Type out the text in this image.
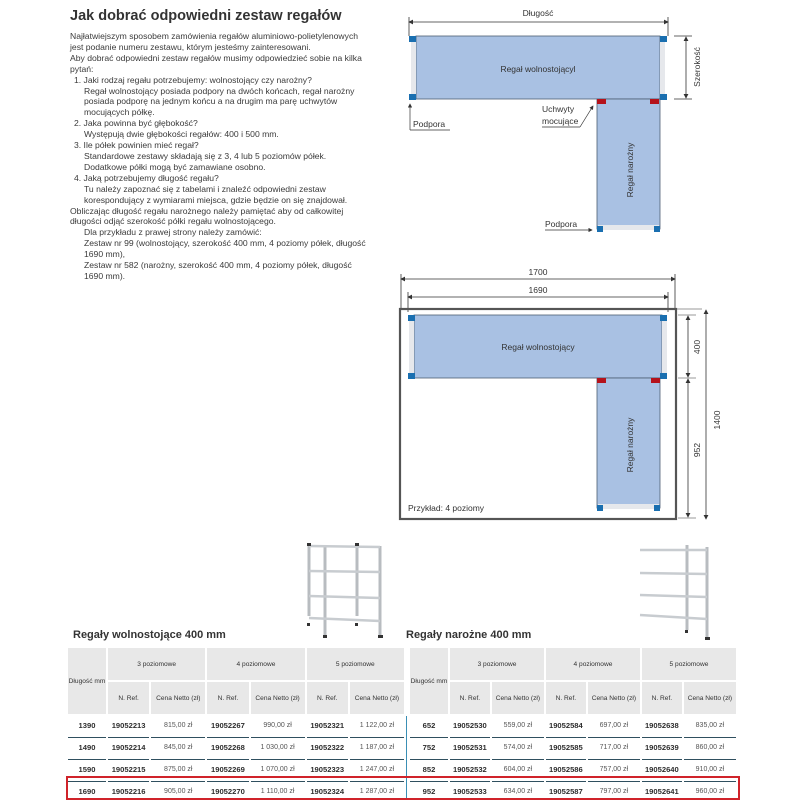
Jak dobrać odpowiedni zestaw regałów

Najłatwiejszym sposobem zamówienia regałów aluminiowo-polietylenowych jest podanie numeru zestawu, którym jesteśmy zainteresowani.

Aby dobrać odpowiedni zestaw regałów musimy odpowiedzieć sobie na kilka pytań:

1. Jaki rodzaj regału potrzebujemy: wolnostojący czy narożny?
Regał wolnostojący posiada podpory na dwóch końcach, regał narożny posiada podporę na jednym końcu a na drugim ma parę uchwytów mocujących półkę.
2. Jaka powinna być głębokość?
Występują dwie głębokości regałów: 400 i 500 mm.
3. Ile półek powinien mieć regał?
Standardowe zestawy składają się z 3, 4 lub 5 poziomów półek. Dodatkowe półki mogą być zamawiane osobno.
4. Jaką potrzebujemy długość regału?
Tu należy zapoznać się z tabelami i znaleźć odpowiedni zestaw korespondujący z wymiarami miejsca, gdzie będzie on się znajdował.

Obliczając długość regału narożnego należy pamiętać aby od całkowitej długości odjąć szerokość półki regału wolnostojącego.

Dla przykładu z prawej strony należy zamówić:
Zestaw nr 99 (wolnostojący, szerokość 400 mm, 4 poziomy półek, długość 1690 mm),
Zestaw nr 582 (narożny, szerokość 400 mm, 4 poziomy półek, długość 1690 mm).
Długość
Regał wolnostojącyl	Szerokość
Regał narożny
Podpora
Uchwyty
mocujące
Podpora
1700
1690
Regał wolnostojący
Regał narożny
Przykład: 4 poziomy
400
952
1400
Regały wolnostojące 400 mm	Regały narożne 400 mm
Długość mm	3 poziomowe		4 poziomowe		5 poziomowe	
	N. Ref.	Cena Netto (zł)	N. Ref.	Cena Netto (zł)	N. Ref.	Cena Netto (zł)
1390	19052213	815,00 zł	19052267	990,00 zł	19052321	1 122,00 zł
1490	19052214	845,00 zł	19052268	1 030,00 zł	19052322	1 187,00 zł
1590	19052215	875,00 zł	19052269	1 070,00 zł	19052323	1 247,00 zł
1690	19052216	905,00 zł	19052270	1 110,00 zł	19052324	1 287,00 zł
Długość mm	3 poziomowe		4 poziomowe		5 poziomowe	
	N. Ref.	Cena Netto (zł)	N. Ref.	Cena Netto (zł)	N. Ref.	Cena Netto (zł)
652	19052530	559,00 zł	19052584	697,00 zł	19052638	835,00 zł
752	19052531	574,00 zł	19052585	717,00 zł	19052639	860,00 zł
852	19052532	604,00 zł	19052586	757,00 zł	19052640	910,00 zł
952	19052533	634,00 zł	19052587	797,00 zł	19052641	960,00 zł
